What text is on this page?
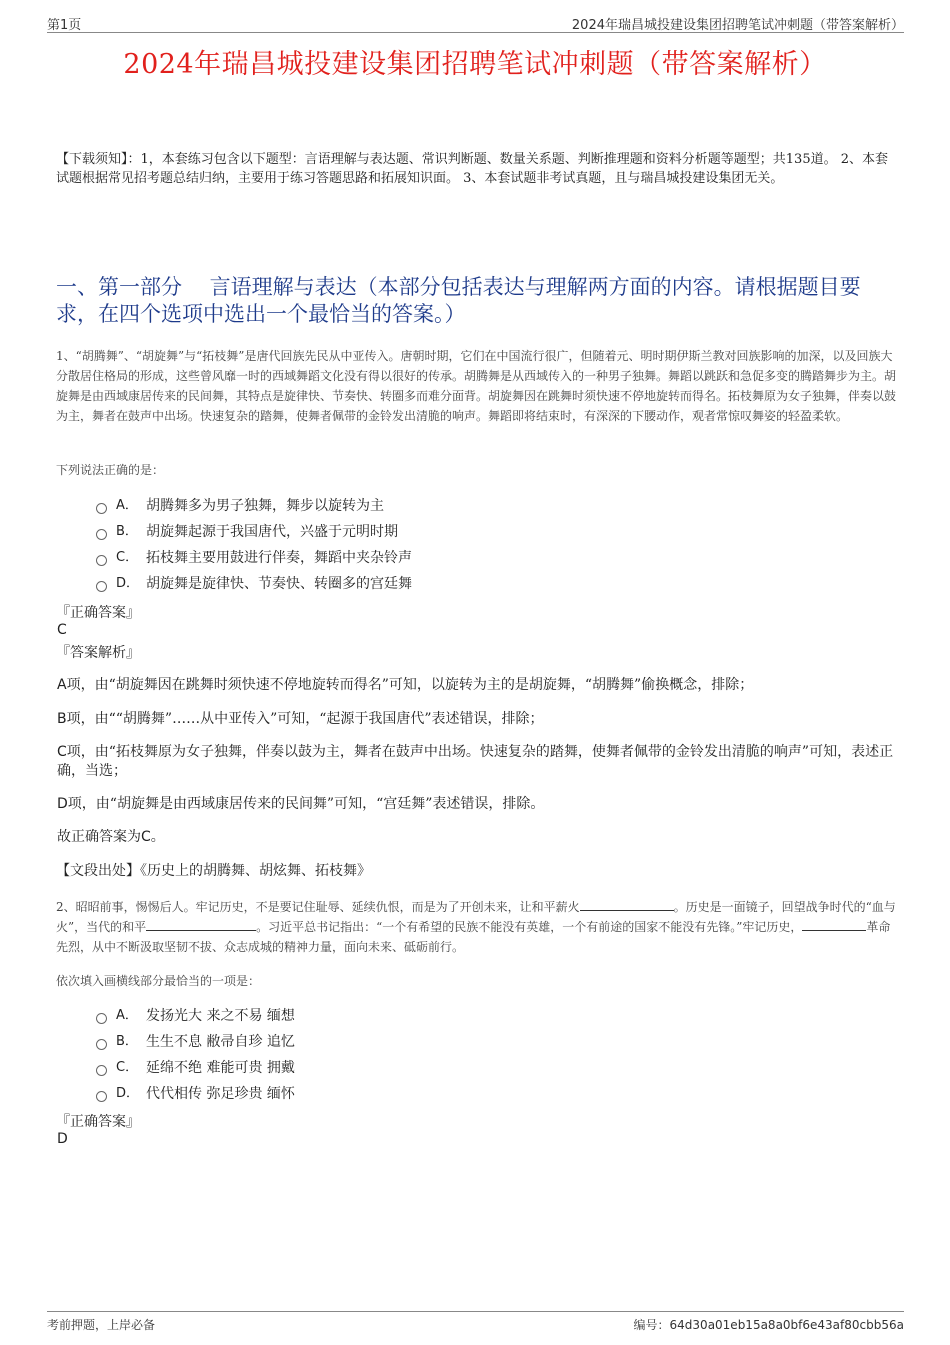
第1页	2024年瑞昌城投建设集团招聘笔试冲刺题（带答案解析）
2024年瑞昌城投建设集团招聘笔试冲刺题（带答案解析）
【下载须知】：1，本套练习包含以下题型：言语理解与表达题、常识判断题、数量关系题、判断推理题和资料分析题等题型；共135道。 2、本套试题根据常见招考题总结归纳，主要用于练习答题思路和拓展知识面。 3、本套试题非考试真题，且与瑞昌城投建设集团无关。
一、第一部分　 言语理解与表达（本部分包括表达与理解两方面的内容。请根据题目要求，在四个选项中选出一个最恰当的答案。）
1、“胡腾舞”、“胡旋舞”与“拓枝舞”是唐代回族先民从中亚传入。唐朝时期，它们在中国流行很广，但随着元、明时期伊斯兰教对回族影响的加深，以及回族大分散居住格局的形成，这些曾风靡一时的西域舞蹈文化没有得以很好的传承。胡腾舞是从西域传入的一种男子独舞。舞蹈以跳跃和急促多变的腾踏舞步为主。胡旋舞是由西域康居传来的民间舞，其特点是旋律快、节奏快、转圈多而难分面背。胡旋舞因在跳舞时须快速不停地旋转而得名。拓枝舞原为女子独舞，伴奏以鼓为主，舞者在鼓声中出场。快速复杂的踏舞，使舞者佩带的金铃发出清脆的响声。舞蹈即将结束时，有深深的下腰动作，观者常惊叹舞姿的轻盈柔软。
下列说法正确的是：
A． 胡腾舞多为男子独舞，舞步以旋转为主
B． 胡旋舞起源于我国唐代，兴盛于元明时期
C． 拓枝舞主要用鼓进行伴奏，舞蹈中夹杂铃声
D． 胡旋舞是旋律快、节奏快、转圈多的宫廷舞
『正确答案』
C
『答案解析』
A项，由“胡旋舞因在跳舞时须快速不停地旋转而得名”可知，以旋转为主的是胡旋舞，“胡腾舞”偷换概念，排除；
B项，由““胡腾舞”……从中亚传入”可知，“起源于我国唐代”表述错误，排除；
C项，由“拓枝舞原为女子独舞，伴奏以鼓为主，舞者在鼓声中出场。快速复杂的踏舞，使舞者佩带的金铃发出清脆的响声”可知，表述正确，当选；
D项，由“胡旋舞是由西域康居传来的民间舞”可知，“宫廷舞”表述错误，排除。
故正确答案为C。
【文段出处】《历史上的胡腾舞、胡炫舞、拓枝舞》
2、昭昭前事，惕惕后人。牢记历史，不是要记住耻辱、延续仇恨，而是为了开创未来，让和平薪火	。历史是一面镜子，回望战争时代的“血与火”，当代的和平	。习近平总书记指出：“一个有希望的民族不能没有英雄，一个有前途的国家不能没有先锋。”牢记历史，	革命先烈，从中不断汲取坚韧不拔、众志成城的精神力量，面向未来、砥砺前行。
依次填入画横线部分最恰当的一项是：
A． 发扬光大 来之不易 缅想
B． 生生不息 敝帚自珍 追忆
C． 延绵不绝 难能可贵 拥戴
D． 代代相传 弥足珍贵 缅怀
『正确答案』
D
考前押题，上岸必备	编号：64d30a01eb15a8a0bf6e43af80cbb56a
